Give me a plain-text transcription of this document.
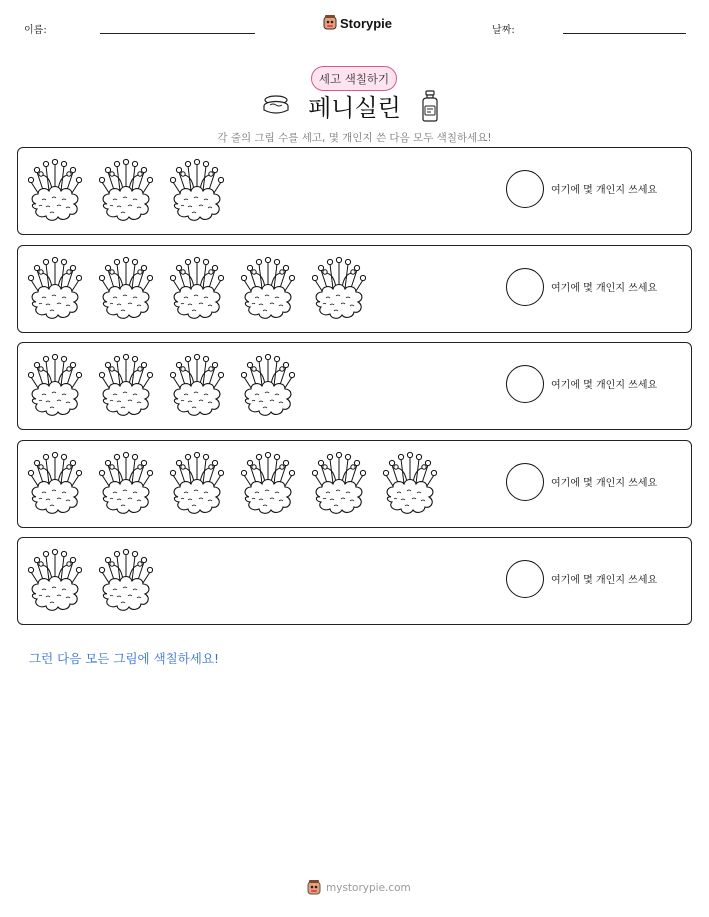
이름:	Storypie	날짜:
세고 색칠하기
페니실린
각 줄의 그림 수를 세고, 몇 개인지 쓴 다음 모두 색칠하세요!
여기에 몇 개인지 쓰세요
여기에 몇 개인지 쓰세요
여기에 몇 개인지 쓰세요
여기에 몇 개인지 쓰세요
여기에 몇 개인지 쓰세요
그런 다음 모든 그림에 색칠하세요!
mystorypie.com
